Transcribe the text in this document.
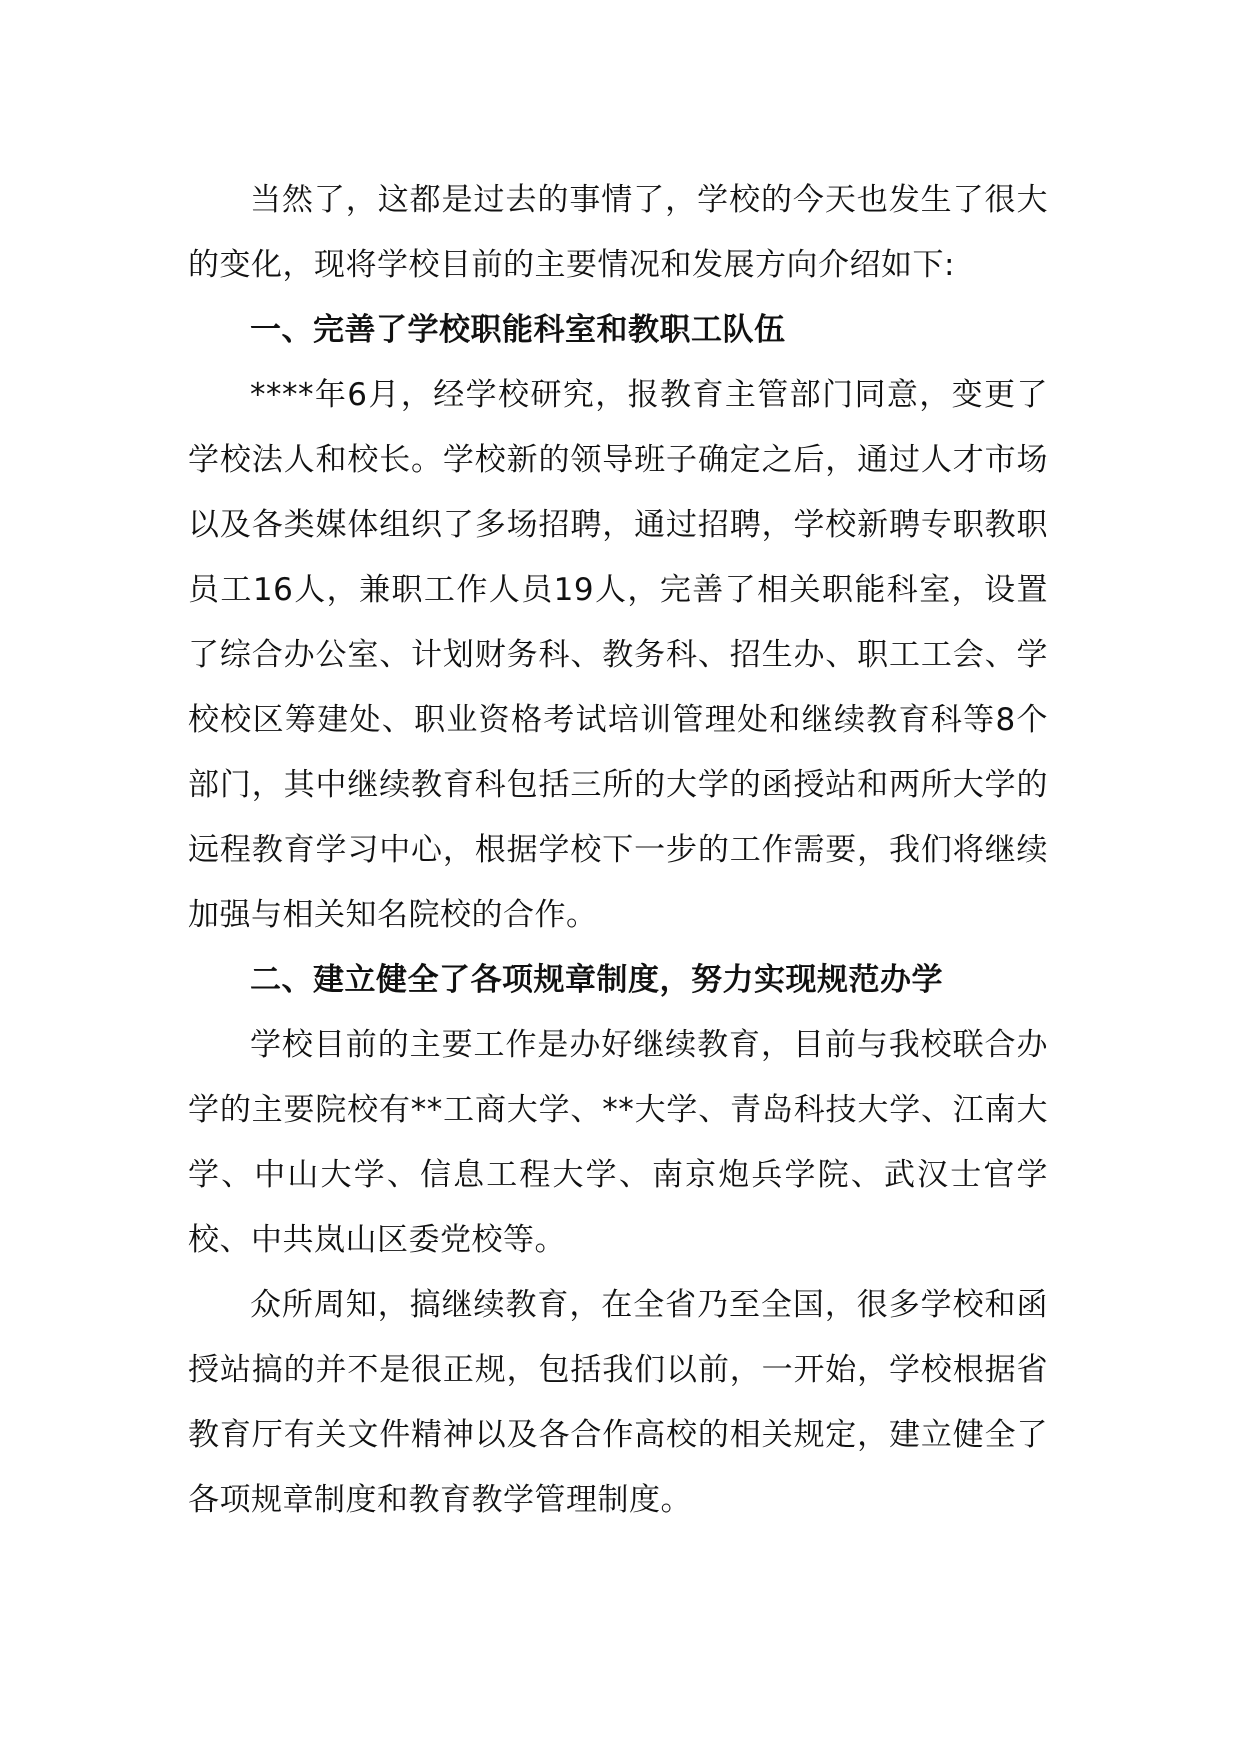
当然了，这都是过去的事情了，学校的今天也发生了很大的变化，现将学校目前的主要情况和发展方向介绍如下:

一、完善了学校职能科室和教职工队伍

****年6月，经学校研究，报教育主管部门同意，变更了学校法人和校长。学校新的领导班子确定之后，通过人才市场以及各类媒体组织了多场招聘，通过招聘，学校新聘专职教职员工16人，兼职工作人员19人，完善了相关职能科室，设置了综合办公室、计划财务科、教务科、招生办、职工工会、学校校区筹建处、职业资格考试培训管理处和继续教育科等8个部门，其中继续教育科包括三所的大学的函授站和两所大学的远程教育学习中心，根据学校下一步的工作需要，我们将继续加强与相关知名院校的合作。

二、建立健全了各项规章制度，努力实现规范办学

学校目前的主要工作是办好继续教育，目前与我校联合办学的主要院校有**工商大学、**大学、青岛科技大学、江南大学、中山大学、信息工程大学、南京炮兵学院、武汉士官学校、中共岚山区委党校等。

众所周知，搞继续教育，在全省乃至全国，很多学校和函授站搞的并不是很正规，包括我们以前，一开始，学校根据省教育厅有关文件精神以及各合作高校的相关规定，建立健全了各项规章制度和教育教学管理制度。
